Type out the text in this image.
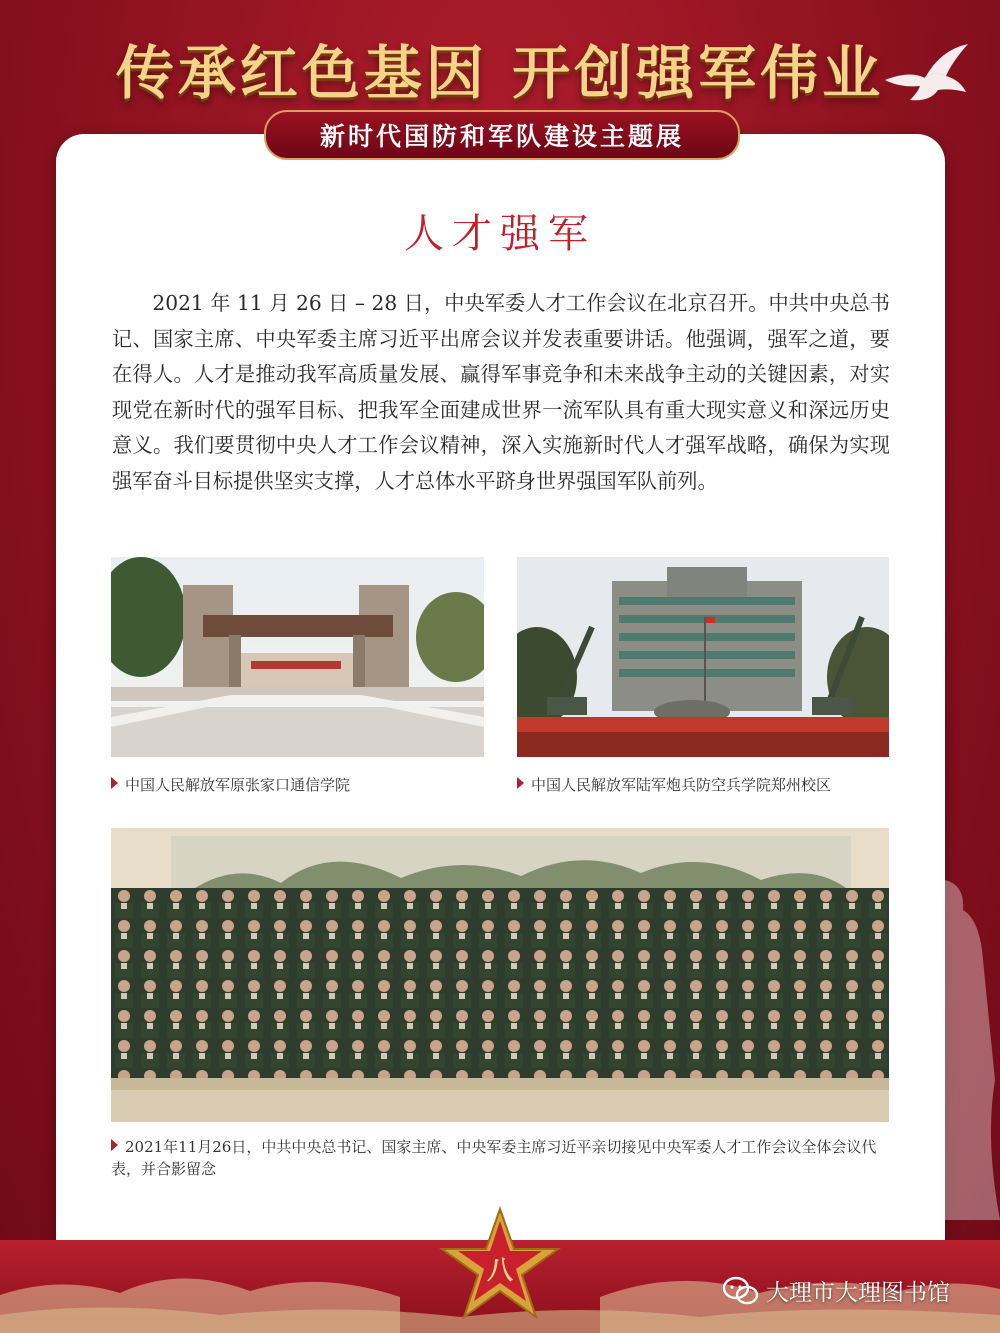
传承红色基因 开创强军伟业
新时代国防和军队建设主题展
人才强军

2021 年 11 月 26 日 – 28 日，中央军委人才工作会议在北京召开。中共中央总书记、国家主席、中央军委主席习近平出席会议并发表重要讲话。他强调，强军之道，要在得人。人才是推动我军高质量发展、赢得军事竞争和未来战争主动的关键因素，对实现党在新时代的强军目标、把我军全面建成世界一流军队具有重大现实意义和深远历史意义。我们要贯彻中央人才工作会议精神，深入实施新时代人才强军战略，确保为实现强军奋斗目标提供坚实支撑，人才总体水平跻身世界强国军队前列。

中国人民解放军原张家口通信学院	中国人民解放军陆军炮兵防空兵学院郑州校区
2021年11月26日，中共中央总书记、国家主席、中央军委主席习近平亲切接见中央军委人才工作会议全体会议代表，并合影留念
八
大理市大理图书馆
